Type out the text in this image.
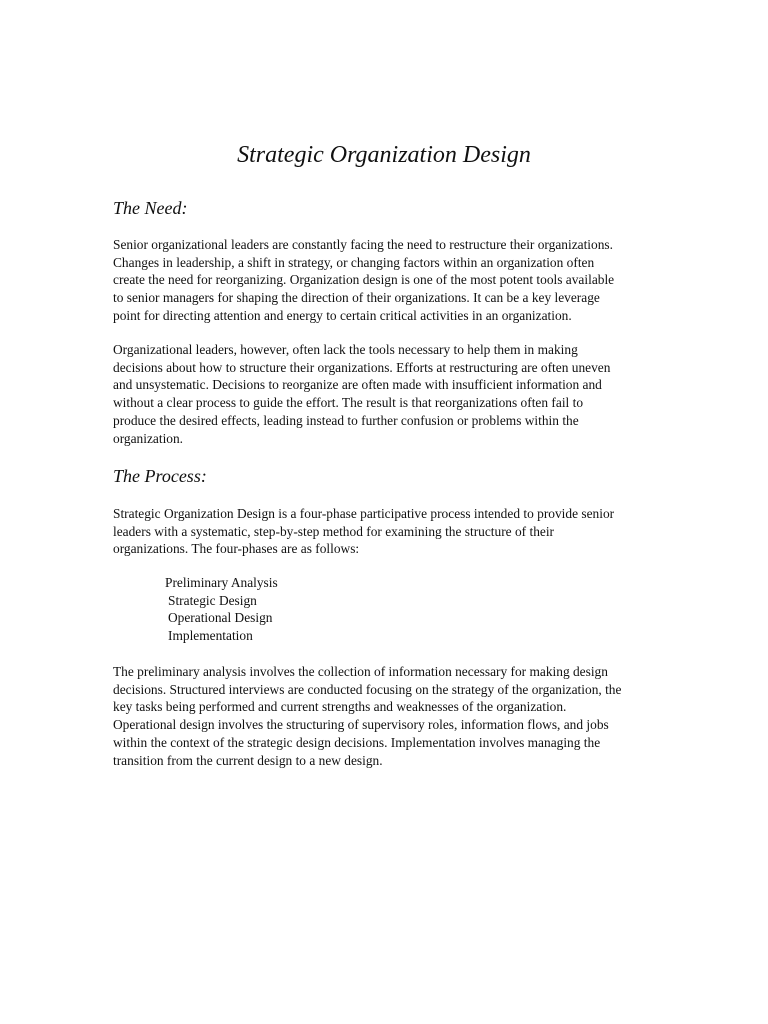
Strategic Organization Design
The Need:

Senior organizational leaders are constantly facing the need to restructure their organizations.
Changes in leadership, a shift in strategy, or changing factors within an organization often
create the need for reorganizing. Organization design is one of the most potent tools available
to senior managers for shaping the direction of their organizations. It can be a key leverage
point for directing attention and energy to certain critical activities in an organization.

Organizational leaders, however, often lack the tools necessary to help them in making
decisions about how to structure their organizations. Efforts at restructuring are often uneven
and unsystematic. Decisions to reorganize are often made with insufficient information and
without a clear process to guide the effort. The result is that reorganizations often fail to
produce the desired effects, leading instead to further confusion or problems within the
organization.

The Process:

Strategic Organization Design is a four-phase participative process intended to provide senior
leaders with a systematic, step-by-step method for examining the structure of their
organizations. The four-phases are as follows:

Preliminary Analysis
Strategic Design
Operational Design
Implementation

The preliminary analysis involves the collection of information necessary for making design
decisions. Structured interviews are conducted focusing on the strategy of the organization, the
key tasks being performed and current strengths and weaknesses of the organization.
Operational design involves the structuring of supervisory roles, information flows, and jobs
within the context of the strategic design decisions. Implementation involves managing the
transition from the current design to a new design.
